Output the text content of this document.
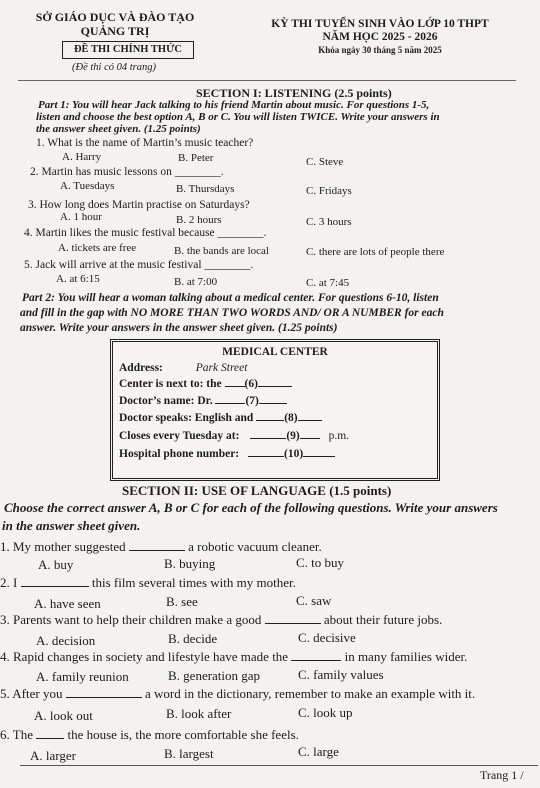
SỞ GIÁO DỤC VÀ ĐÀO TẠO
QUẢNG TRỊ
ĐỀ THI CHÍNH THỨC
(Đề thi có 04 trang)
KỲ THI TUYỂN SINH VÀO LỚP 10 THPT
NĂM HỌC 2025 - 2026
Khóa ngày 30 tháng 5 năm 2025
SECTION I: LISTENING (2.5 points)
Part 1: You will hear Jack talking to his friend Martin about music. For questions 1-5,
listen and choose the best option A, B or C. You will listen TWICE. Write your answers in
the answer sheet given. (1.25 points)
1. What is the name of Martin’s music teacher?
A. Harry	B. Peter	C. Steve
2. Martin has music lessons on ________.
A. Tuesdays	B. Thursdays	C. Fridays
3. How long does Martin practise on Saturdays?
A. 1 hour	B. 2 hours	C. 3 hours
4. Martin likes the music festival because ________.
A. tickets are free	B. the bands are local	C. there are lots of people there
5. Jack will arrive at the music festival ________.
A. at 6:15	B. at 7:00	C. at 7:45
Part 2: You will hear a woman talking about a medical center. For questions 6-10, listen
and fill in the gap with NO MORE THAN TWO WORDS AND/ OR A NUMBER for each
answer. Write your answers in the answer sheet given. (1.25 points)
MEDICAL CENTER
Address:	Park Street
Center is next to: the (6)
Doctor’s name: Dr.	(7)
Doctor speaks: English and	(8)
Closes every Tuesday at:	(9)	p.m.
Hospital phone number:	(10)
SECTION II: USE OF LANGUAGE (1.5 points)
Choose the correct answer A, B or C for each of the following questions. Write your answers
in the answer sheet given.
1. My mother suggested	a robotic vacuum cleaner.
A. buy	B. buying	C. to buy
2. I	this film several times with my mother.
A. have seen	B. see	C. saw
3. Parents want to help their children make a good	about their future jobs.
A. decision	B. decide	C. decisive
4. Rapid changes in society and lifestyle have made the	in many families wider.
A. family reunion	B. generation gap	C. family values
5. After you	a word in the dictionary, remember to make an example with it.
A. look out	B. look after	C. look up
6. The  the house is, the more comfortable she feels.
A. larger	B. largest	C. large
Trang 1 /
